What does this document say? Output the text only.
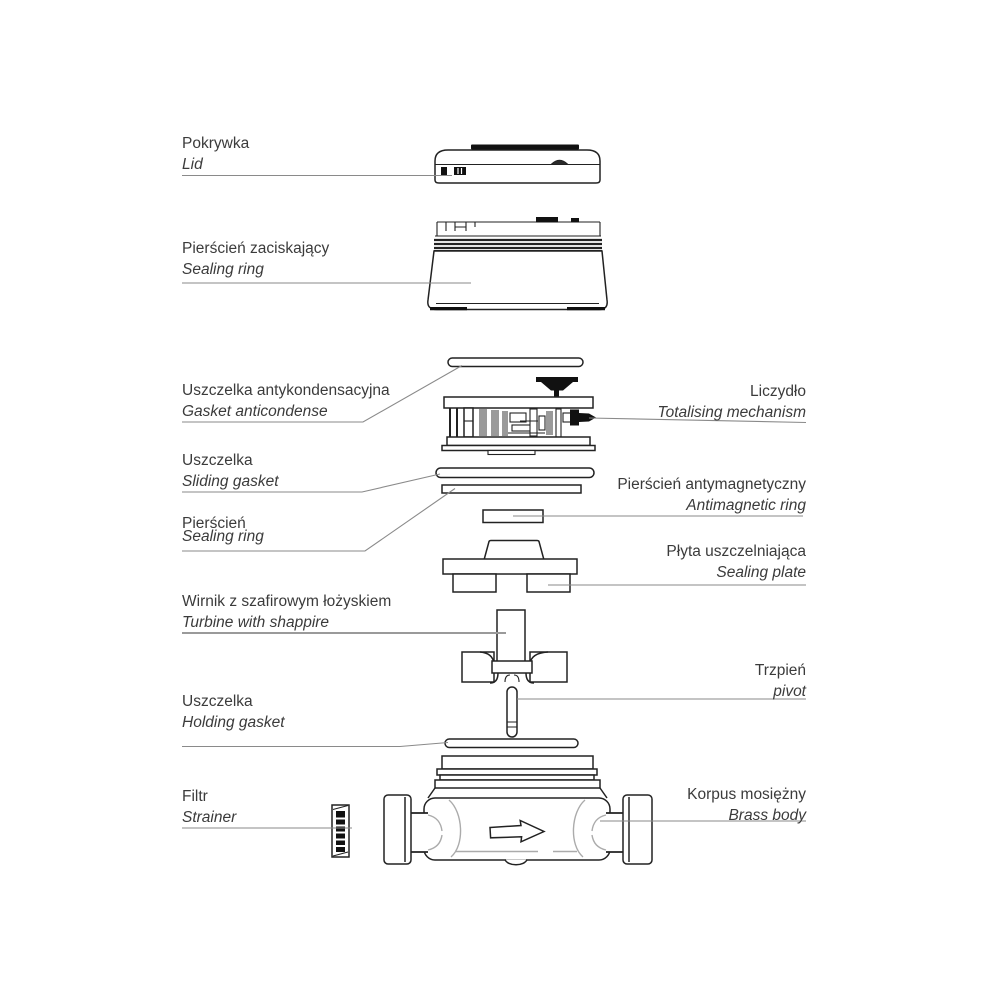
Pokrywka
Lid
Pierścień zaciskający
Sealing ring
Uszczelka antykondensacyjna
Gasket anticondense
Uszczelka
Sliding gasket
Pierścień
Sealing ring
Wirnik z szafirowym łożyskiem
Turbine with shappire
Uszczelka
Holding gasket
Filtr
Strainer
Liczydło
Totalising mechanism
Pierścień antymagnetyczny
Antimagnetic ring
Płyta uszczelniająca
Sealing plate
Trzpień
pivot
Korpus mosiężny
Brass body
